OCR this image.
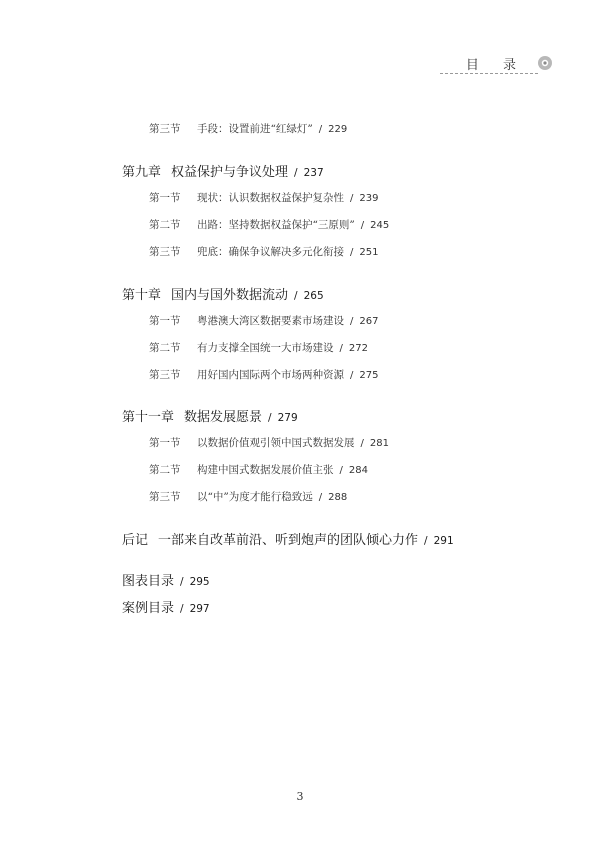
目 录
第三节 手段：设置前进“红绿灯” / 229
第九章 权益保护与争议处理 / 237
第一节 现状：认识数据权益保护复杂性 / 239
第二节 出路：坚持数据权益保护“三原则” / 245
第三节 兜底：确保争议解决多元化衔接 / 251
第十章 国内与国外数据流动 / 265
第一节 粤港澳大湾区数据要素市场建设 / 267
第二节 有力支撑全国统一大市场建设 / 272
第三节 用好国内国际两个市场两种资源 / 275
第十一章 数据发展愿景 / 279
第一节 以数据价值观引领中国式数据发展 / 281
第二节 构建中国式数据发展价值主张 / 284
第三节 以“中”为度才能行稳致远 / 288
后记 一部来自改革前沿、听到炮声的团队倾心力作 / 291
图表目录 / 295
案例目录 / 297
3
